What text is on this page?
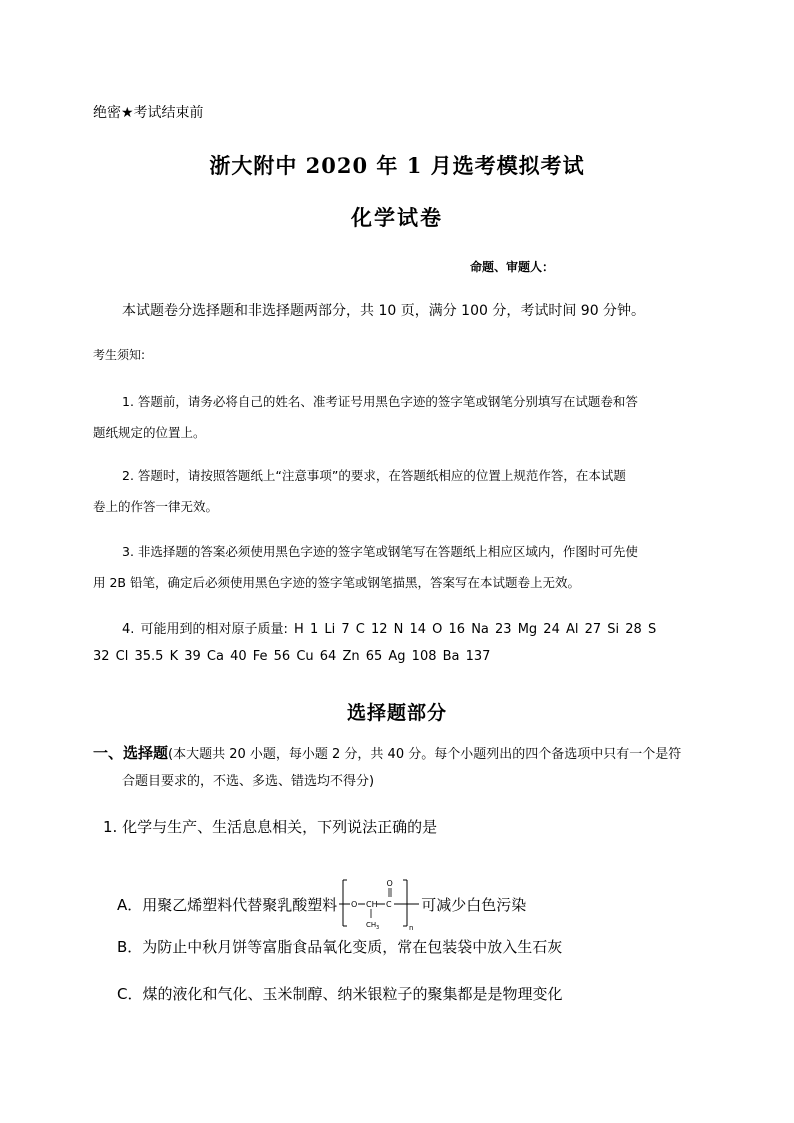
绝密★考试结束前
浙大附中 2020 年 1 月选考模拟考试
化学试卷
命题、审题人：
本试题卷分选择题和非选择题两部分，共 10 页，满分 100 分，考试时间 90 分钟。
考生须知:
1. 答题前，请务必将自己的姓名、准考证号用黑色字迹的签字笔或钢笔分别填写在试题卷和答
题纸规定的位置上。
2. 答题时，请按照答题纸上“注意事项”的要求，在答题纸相应的位置上规范作答，在本试题
卷上的作答一律无效。
3. 非选择题的答案必须使用黑色字迹的签字笔或钢笔写在答题纸上相应区域内，作图时可先使
用 2B 铅笔，确定后必须使用黑色字迹的签字笔或钢笔描黑，答案写在本试题卷上无效。
4. 可能用到的相对原子质量: H 1 Li 7 C 12 N 14 O 16 Na 23 Mg 24 Al 27 Si 28 S
32 Cl 35.5 K 39 Ca 40 Fe 56 Cu 64 Zn 65 Ag 108 Ba 137
选择题部分
一、选择题(本大题共 20 小题，每小题 2 分，共 40 分。每个小题列出的四个备选项中只有一个是符
合题目要求的，不选、多选、错选均不得分)
1. 化学与生产、生活息息相关，下列说法正确的是
A．用聚乙烯塑料代替聚乳酸塑料 O CH C
O
CH 3	n
可减少白色污染
B．为防止中秋月饼等富脂食品氧化变质，常在包装袋中放入生石灰
C．煤的液化和气化、玉米制醇、纳米银粒子的聚集都是是物理变化
